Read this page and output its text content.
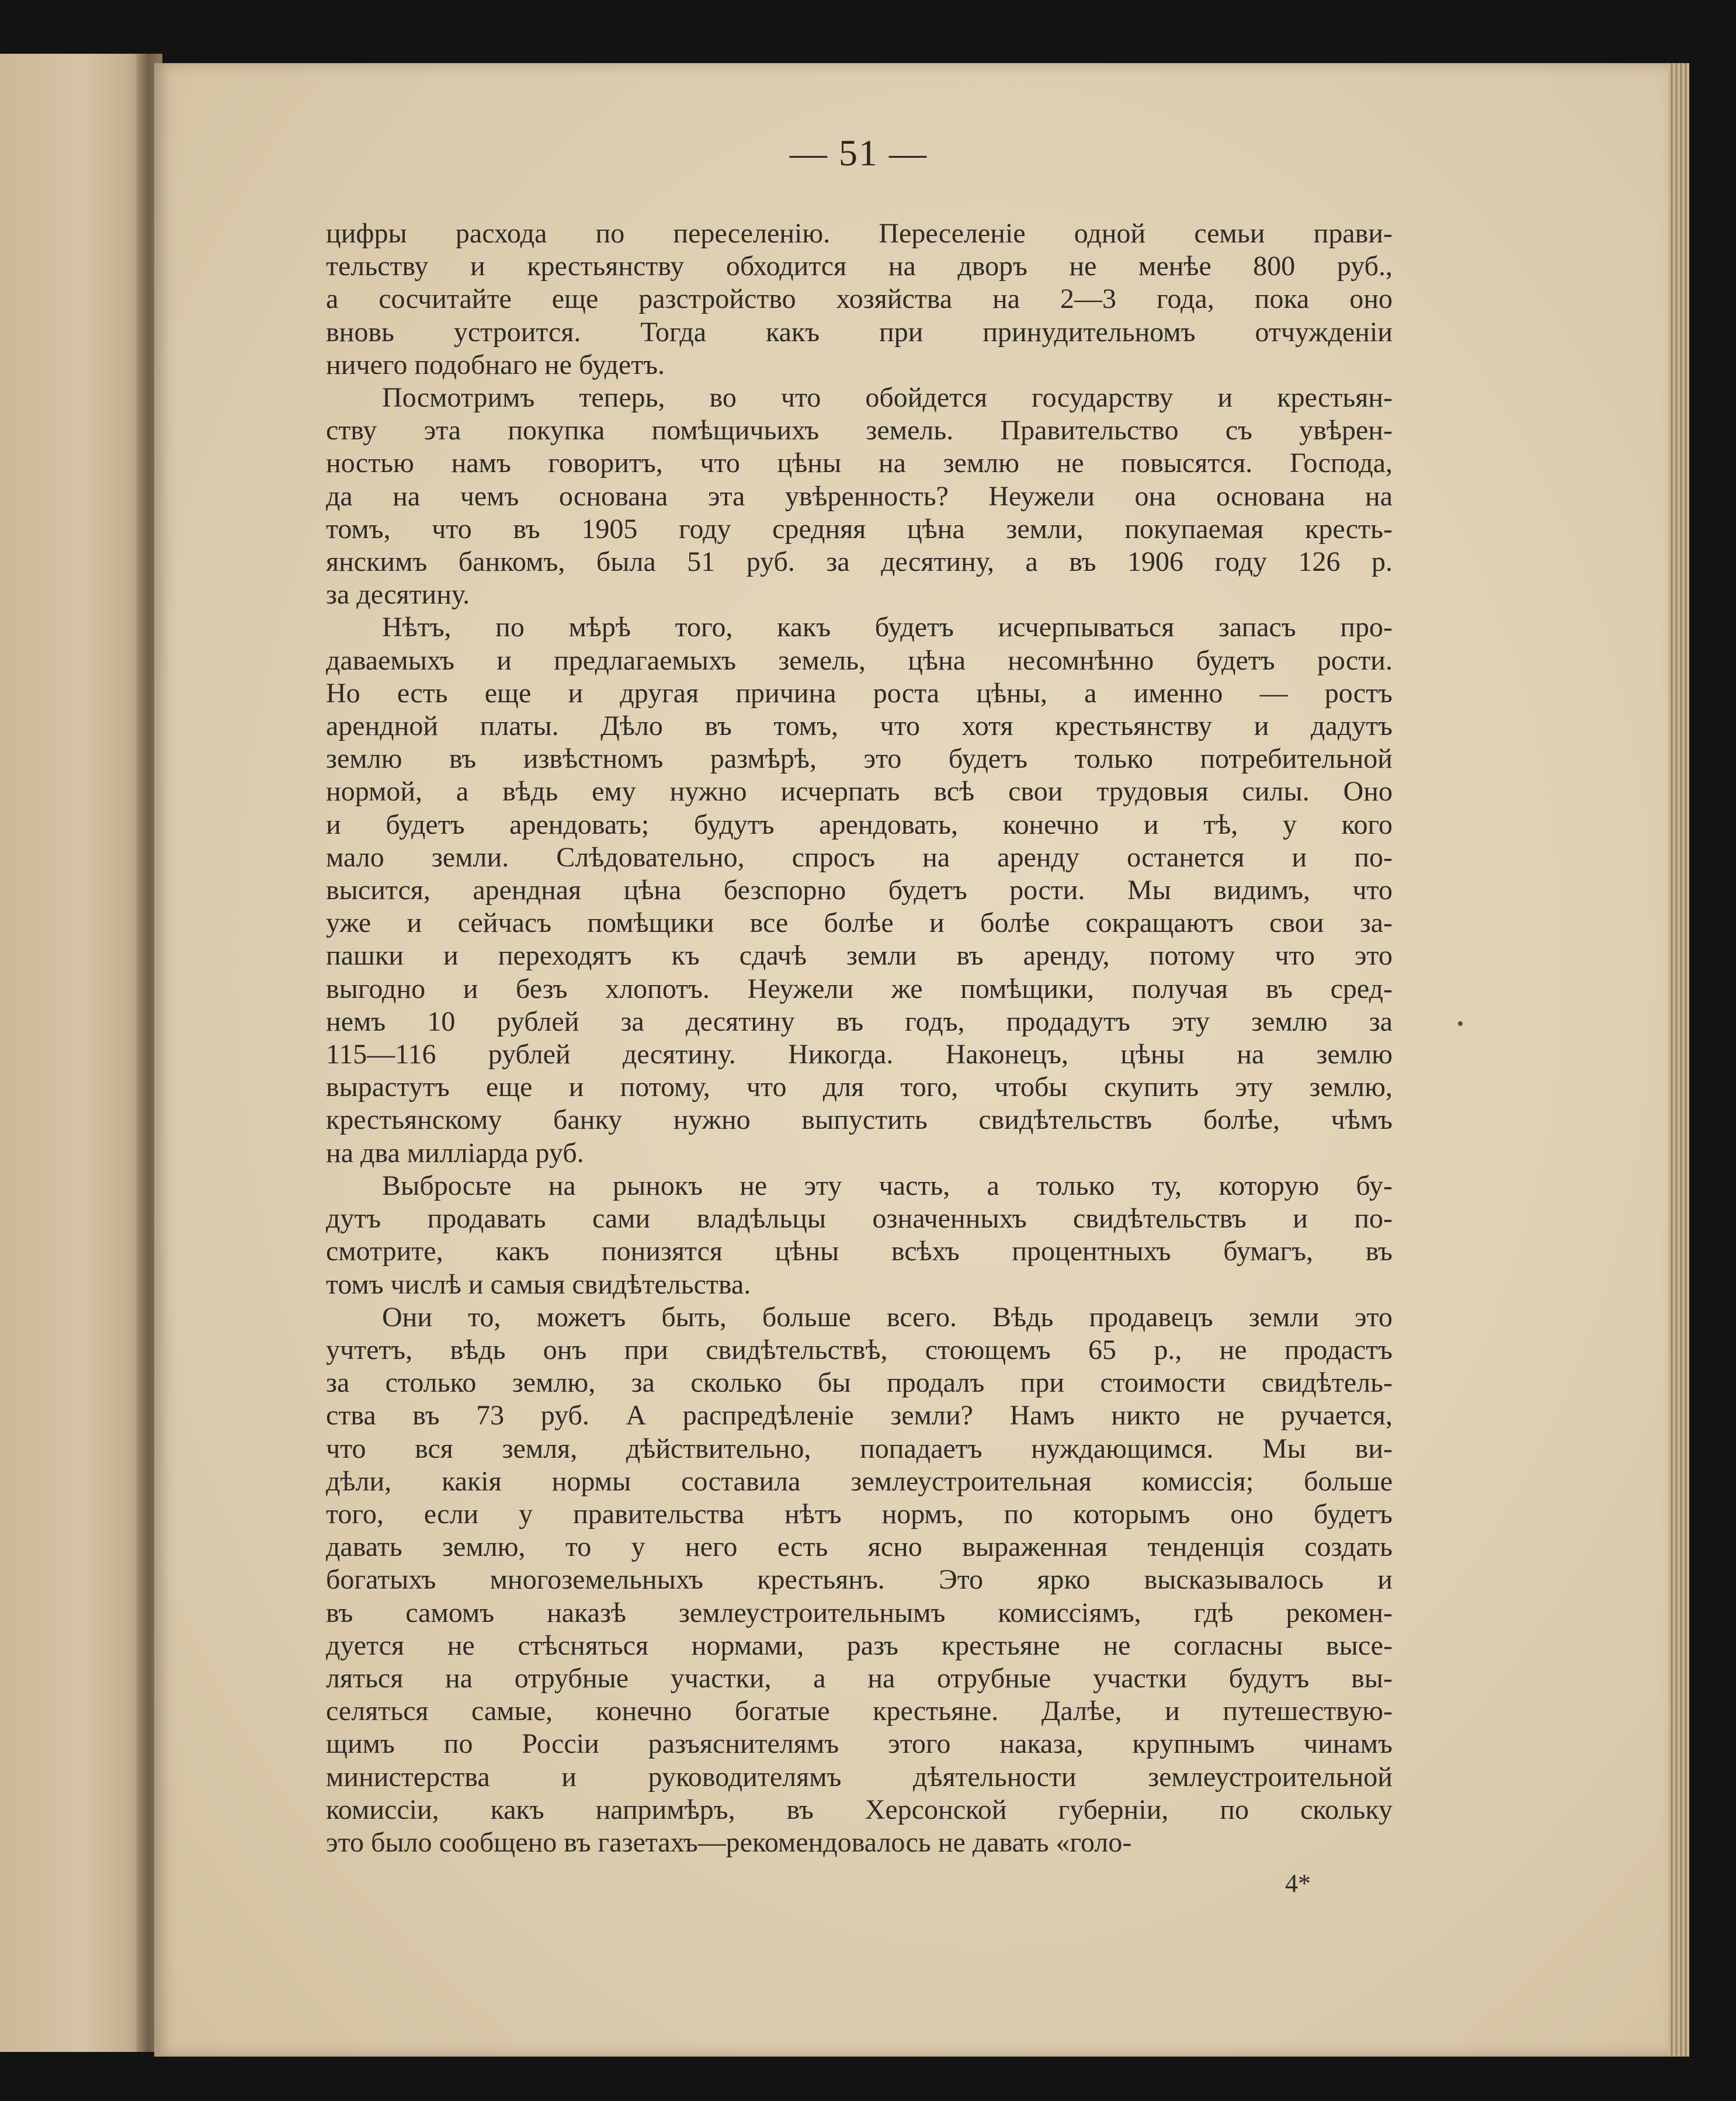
— 51 —
цифры расхода по переселенію. Переселеніе одной семьи прави-
тельству и крестьянству обходится на дворъ не менѣе 800 руб.,
а сосчитайте еще разстройство хозяйства на 2—3 года, пока оно
вновь устроится. Тогда какъ при принудительномъ отчужденіи
ничего подобнаго не будетъ.
Посмотримъ теперь, во что обойдется государству и крестьян-
ству эта покупка помѣщичьихъ земель. Правительство съ увѣрен-
ностью намъ говоритъ, что цѣны на землю не повысятся. Господа,
да на чемъ основана эта увѣренность? Неужели она основана на
томъ, что въ 1905 году средняя цѣна земли, покупаемая кресть-
янскимъ банкомъ, была 51 руб. за десятину, а въ 1906 году 126 р.
за десятину.
Нѣтъ, по мѣрѣ того, какъ будетъ исчерпываться запасъ про-
даваемыхъ и предлагаемыхъ земель, цѣна несомнѣнно будетъ рости.
Но есть еще и другая причина роста цѣны, а именно — ростъ
арендной платы. Дѣло въ томъ, что хотя крестьянству и дадутъ
землю въ извѣстномъ размѣрѣ, это будетъ только потребительной
нормой, а вѣдь ему нужно исчерпать всѣ свои трудовыя силы. Оно
и будетъ арендовать; будутъ арендовать, конечно и тѣ, у кого
мало земли. Слѣдовательно, спросъ на аренду останется и по-
высится, арендная цѣна безспорно будетъ рости. Мы видимъ, что
уже и сейчасъ помѣщики все болѣе и болѣе сокращаютъ свои за-
пашки и переходятъ къ сдачѣ земли въ аренду, потому что это
выгодно и безъ хлопотъ. Неужели же помѣщики, получая въ сред-
немъ 10 рублей за десятину въ годъ, продадутъ эту землю за
115—116 рублей десятину. Никогда. Наконецъ, цѣны на землю
вырастутъ еще и потому, что для того, чтобы скупить эту землю,
крестьянскому банку нужно выпустить свидѣтельствъ болѣе, чѣмъ
на два милліарда руб.
Выбросьте на рынокъ не эту часть, а только ту, которую бу-
дутъ продавать сами владѣльцы означенныхъ свидѣтельствъ и по-
смотрите, какъ понизятся цѣны всѣхъ процентныхъ бумагъ, въ
томъ числѣ и самыя свидѣтельства.
Они то, можетъ быть, больше всего. Вѣдь продавецъ земли это
учтетъ, вѣдь онъ при свидѣтельствѣ, стоющемъ 65 р., не продастъ
за столько землю, за сколько бы продалъ при стоимости свидѣтель-
ства въ 73 руб. А распредѣленіе земли? Намъ никто не ручается,
что вся земля, дѣйствительно, попадаетъ нуждающимся. Мы ви-
дѣли, какія нормы составила землеустроительная комиссія; больше
того, если у правительства нѣтъ нормъ, по которымъ оно будетъ
давать землю, то у него есть ясно выраженная тенденція создать
богатыхъ многоземельныхъ крестьянъ. Это ярко высказывалось и
въ самомъ наказѣ землеустроительнымъ комиссіямъ, гдѣ рекомен-
дуется не стѣсняться нормами, разъ крестьяне не согласны высе-
ляться на отрубные участки, а на отрубные участки будутъ вы-
селяться самые, конечно богатые крестьяне. Далѣе, и путешествую-
щимъ по Россіи разъяснителямъ этого наказа, крупнымъ чинамъ
министерства и руководителямъ дѣятельности землеустроительной
комиссіи, какъ напримѣръ, въ Херсонской губерніи, по скольку
это было сообщено въ газетахъ—рекомендовалось не давать «голо-
4*
